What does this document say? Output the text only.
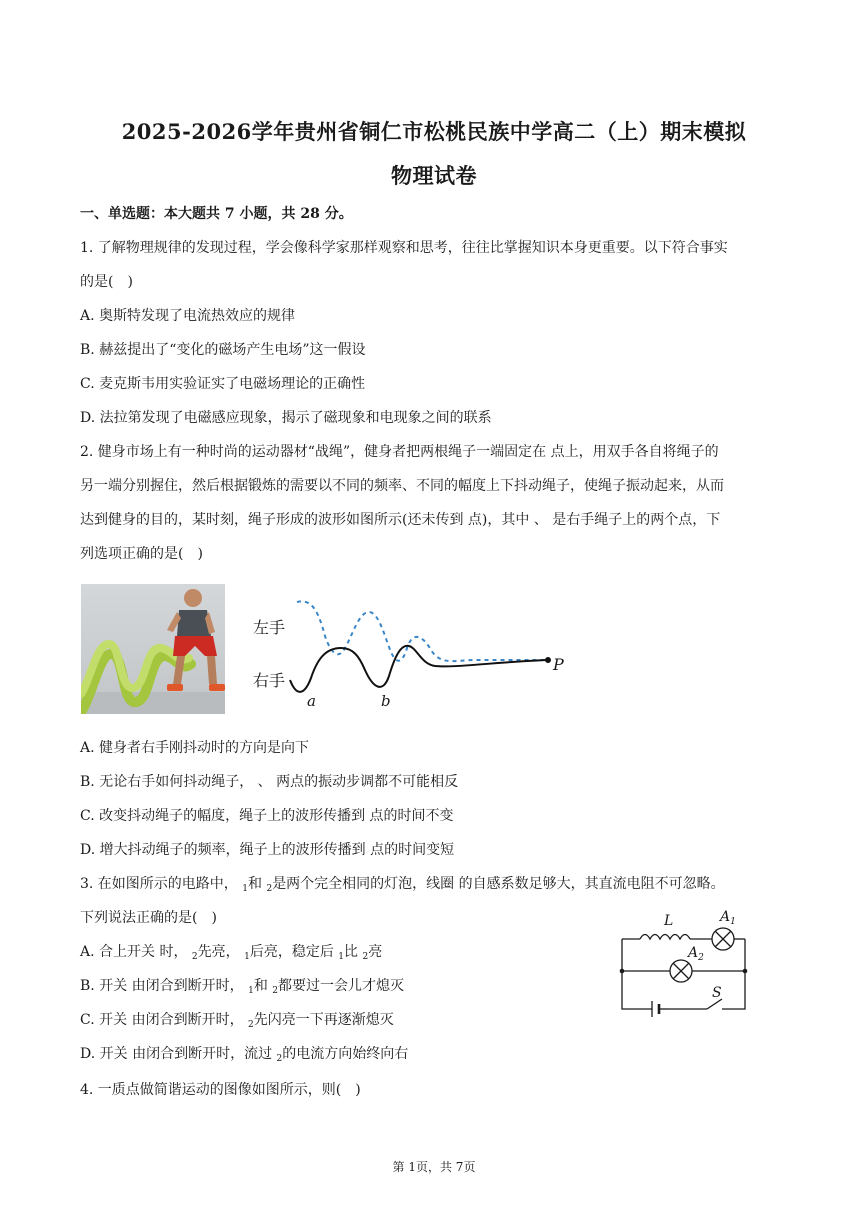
2025-2026学年贵州省铜仁市松桃民族中学高二（上）期末模拟
物理试卷
一、单选题：本大题共 7 小题，共 28 分。
1. 了解物理规律的发现过程，学会像科学家那样观察和思考，往往比掌握知识本身更重要。以下符合事实
的是(　)
A. 奥斯特发现了电流热效应的规律
B. 赫兹提出了“变化的磁场产生电场”这一假设
C. 麦克斯韦用实验证实了电磁场理论的正确性
D. 法拉第发现了电磁感应现象，揭示了磁现象和电现象之间的联系
2. 健身市场上有一种时尚的运动器材“战绳”，健身者把两根绳子一端固定在 点上，用双手各自将绳子的
另一端分别握住，然后根据锻炼的需要以不同的频率、不同的幅度上下抖动绳子，使绳子振动起来，从而
达到健身的目的，某时刻，绳子形成的波形如图所示(还未传到 点)，其中 、 是右手绳子上的两个点，下
列选项正确的是(　)
左手
右手
a	b
P
A. 健身者右手刚抖动时的方向是向下
B. 无论右手如何抖动绳子， 、 两点的振动步调都不可能相反
C. 改变抖动绳子的幅度，绳子上的波形传播到 点的时间不变
D. 增大抖动绳子的频率，绳子上的波形传播到 点的时间变短
3. 在如图所示的电路中， $_1$和 $_2$是两个完全相同的灯泡，线圈 的自感系数足够大，其直流电阻不可忽略。
下列说法正确的是(　)
A. 合上开关 时， $_2$先亮， $_1$后亮，稳定后 $_1$比 $_2$亮
B. 开关 由闭合到断开时， $_1$和 $_2$都要过一会儿才熄灭
C. 开关 由闭合到断开时， $_2$先闪亮一下再逐渐熄灭
D. 开关 由闭合到断开时，流过 $_2$的电流方向始终向右
L	$A_1$
$A_2$
S
4. 一质点做简谐运动的图像如图所示，则(　)
第 1页，共 7页
